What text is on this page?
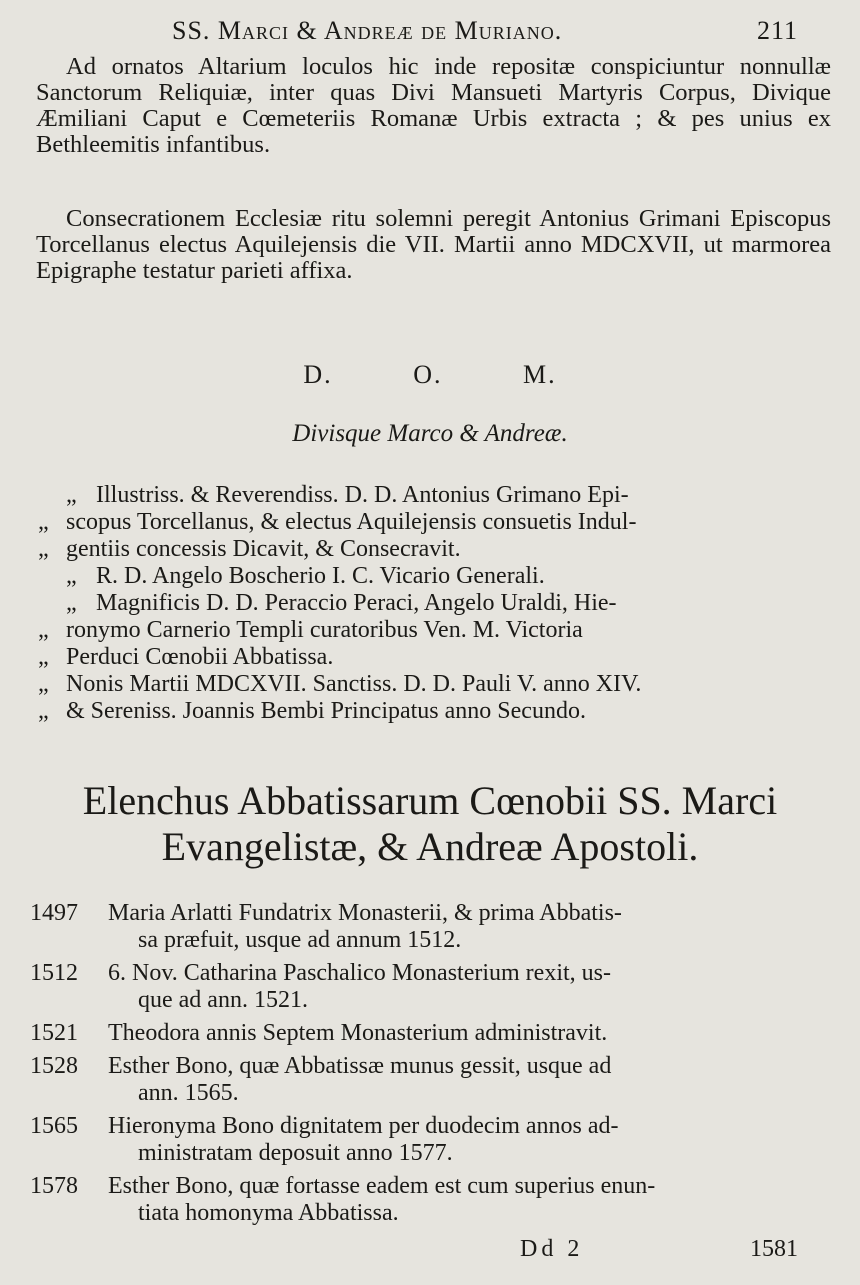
SS. Marci & Andreæ de Muriano.	211

Ad ornatos Altarium loculos hic inde repositæ conspiciuntur nonnullæ Sanctorum Reliquiæ, inter quas Divi Mansueti Martyris Corpus, Divique Æmiliani Caput e Cœmeteriis Romanæ Urbis extracta ; & pes unius ex Bethleemitis infantibus.

Consecrationem Ecclesiæ ritu solemni peregit Antonius Grimani Episcopus Torcellanus electus Aquilejensis die VII. Martii anno MDCXVII, ut marmorea Epigraphe testatur parieti affixa.

D.	O.	M.
Divisque Marco & Andreæ.
„ Illustriss. & Reverendiss. D. D. Antonius Grimano Epi-
„ scopus Torcellanus, & electus Aquilejensis consuetis Indul-
„ gentiis concessis Dicavit, & Consecravit.
„ R. D. Angelo Boscherio I. C. Vicario Generali.
„ Magnificis D. D. Peraccio Peraci, Angelo Uraldi, Hie-
„ ronymo Carnerio Templi curatoribus Ven. M. Victoria
„ Perduci Cœnobii Abbatissa.
„ Nonis Martii MDCXVII. Sanctiss. D. D. Pauli V. anno XIV.
„ & Sereniss. Joannis Bembi Principatus anno Secundo.
Elenchus Abbatissarum Cœnobii SS. Marci
Evangelistæ, & Andreæ Apostoli.
1497	Maria Arlatti Fundatrix Monasterii, & prima Abbatis-
sa præfuit, usque ad annum 1512.
1512	6. Nov. Catharina Paschalico Monasterium rexit, us-
que ad ann. 1521.
1521	Theodora annis Septem Monasterium administravit.
1528	Esther Bono, quæ Abbatissæ munus gessit, usque ad
ann. 1565.
1565	Hieronyma Bono dignitatem per duodecim annos ad-
ministratam deposuit anno 1577.
1578	Esther Bono, quæ fortasse eadem est cum superius enun-
tiata homonyma Abbatissa.
Dd 2	1581
